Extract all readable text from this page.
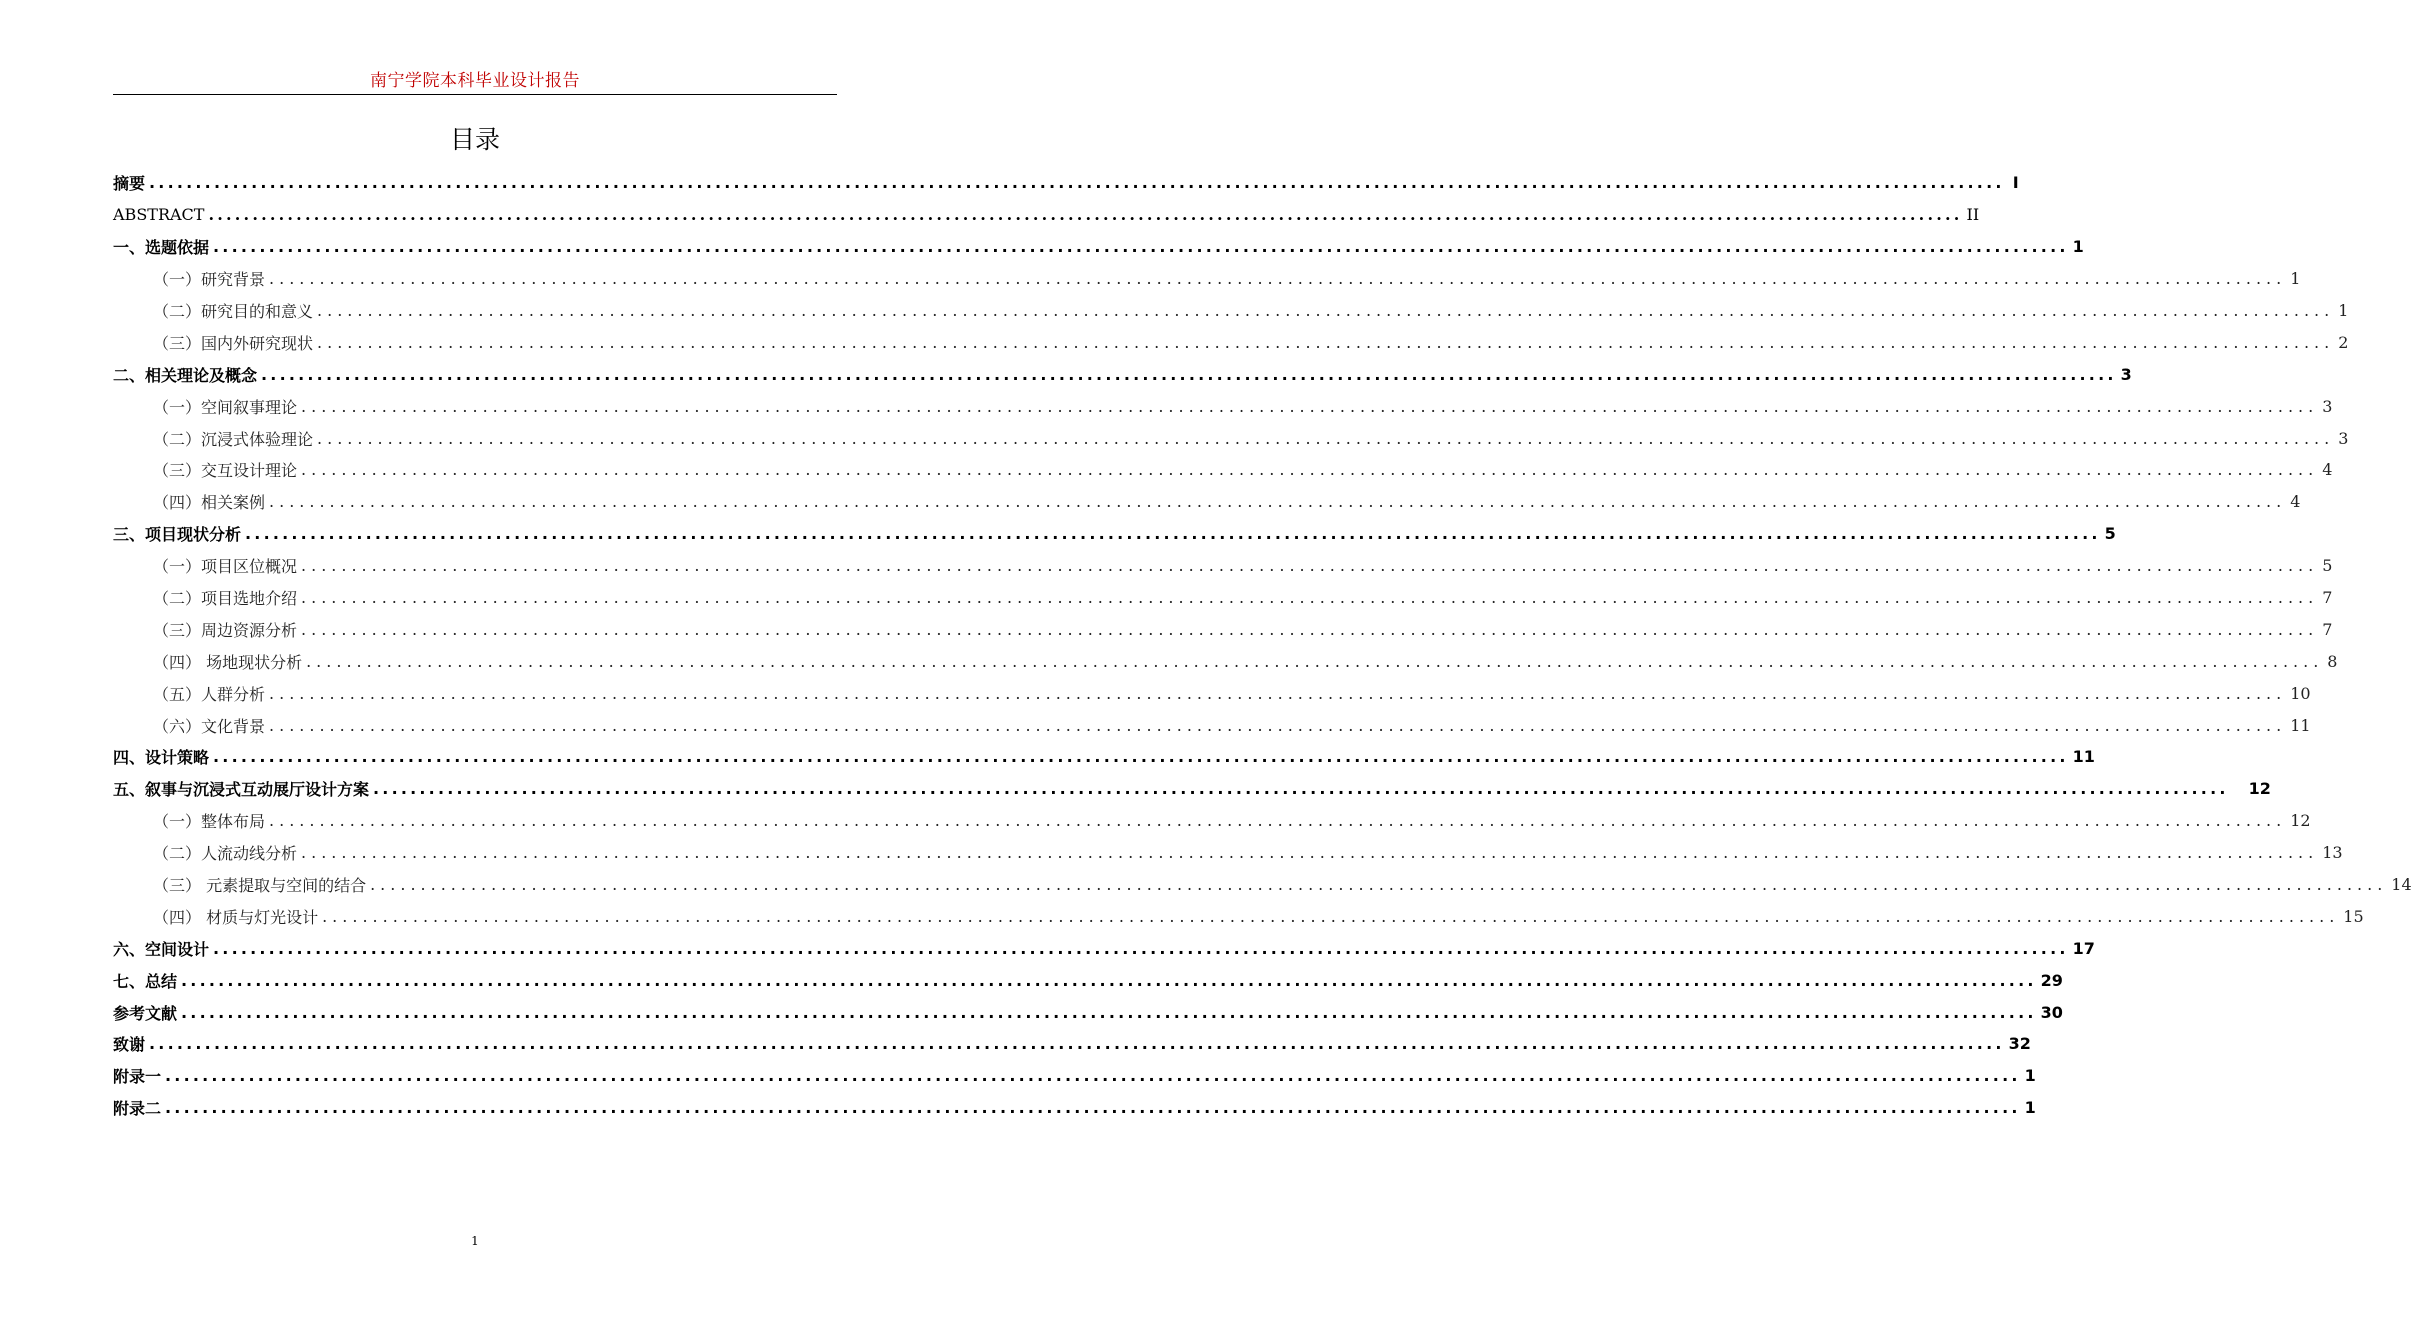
南宁学院本科毕业设计报告
目录
摘要 ........................................................................................................................................................................................................ I
ABSTRACT ........................................................................................................................................................................................................ II
一、选题依据 ........................................................................................................................................................................................................ 1
（一）研究背景 ........................................................................................................................................................................................................ 1
（二）研究目的和意义 ........................................................................................................................................................................................................ 1
（三）国内外研究现状 ........................................................................................................................................................................................................ 2
二、相关理论及概念 ........................................................................................................................................................................................................ 3
（一）空间叙事理论 ........................................................................................................................................................................................................ 3
（二）沉浸式体验理论 ........................................................................................................................................................................................................ 3
（三）交互设计理论 ........................................................................................................................................................................................................ 4
（四）相关案例 ........................................................................................................................................................................................................ 4
三、项目现状分析 ........................................................................................................................................................................................................ 5
（一）项目区位概况 ........................................................................................................................................................................................................ 5
（二）项目选地介绍 ........................................................................................................................................................................................................ 7
（三）周边资源分析 ........................................................................................................................................................................................................ 7
（四） 场地现状分析 ........................................................................................................................................................................................................ 8
（五）人群分析 ........................................................................................................................................................................................................ 10
（六）文化背景 ........................................................................................................................................................................................................ 11
四、设计策略 ........................................................................................................................................................................................................ 11
五、叙事与沉浸式互动展厅设计方案 ........................................................................................................................................................................................................	12
（一）整体布局 ........................................................................................................................................................................................................ 12
（二）人流动线分析 ........................................................................................................................................................................................................ 13
（三） 元素提取与空间的结合 ........................................................................................................................................................................................................ 14
（四） 材质与灯光设计 ........................................................................................................................................................................................................ 15
六、空间设计 ........................................................................................................................................................................................................ 17
七、总结 ........................................................................................................................................................................................................ 29
参考文献 ........................................................................................................................................................................................................ 30
致谢 ........................................................................................................................................................................................................ 32
附录一 ........................................................................................................................................................................................................ 1
附录二 ........................................................................................................................................................................................................ 1
1
